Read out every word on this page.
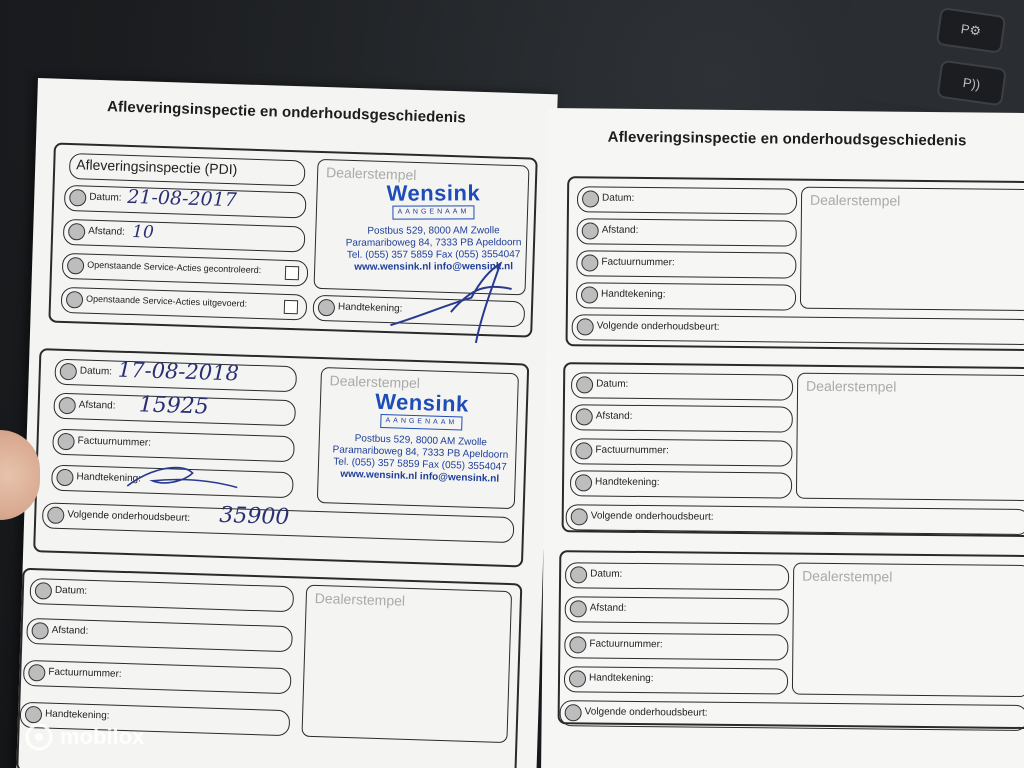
P⚙
P))
Afleveringsinspectie en onderhoudsgeschiedenis
Afleveringsinspectie (PDI)
Datum: 21-08-2017
Afstand: 10
Openstaande Service-Acties gecontroleerd:
Openstaande Service-Acties uitgevoerd:
Dealerstempel
Wensink
AANGENAAM
Postbus 529, 8000 AM Zwolle
Paramariboweg 84, 7333 PB Apeldoorn
Tel. (055) 357 5859 Fax (055) 3554047
www.wensink.nl info@wensink.nl
Handtekening:
Datum: 17-08-2018
Afstand: 15925
Factuurnummer:
Handtekening:
Volgende onderhoudsbeurt: 35900
Dealerstempel
Wensink
AANGENAAM
Postbus 529, 8000 AM Zwolle
Paramariboweg 84, 7333 PB Apeldoorn
Tel. (055) 357 5859 Fax (055) 3554047
www.wensink.nl info@wensink.nl
Datum:
Afstand:
Factuurnummer:
Handtekening:
Dealerstempel
Afleveringsinspectie en onderhoudsgeschiedenis
Datum:
Afstand:
Factuurnummer:
Handtekening:
Volgende onderhoudsbeurt:
Dealerstempel
Datum:
Afstand:
Factuurnummer:
Handtekening:
Volgende onderhoudsbeurt:
Dealerstempel
Datum:
Afstand:
Factuurnummer:
Handtekening:
Volgende onderhoudsbeurt:
Dealerstempel
mobilox
